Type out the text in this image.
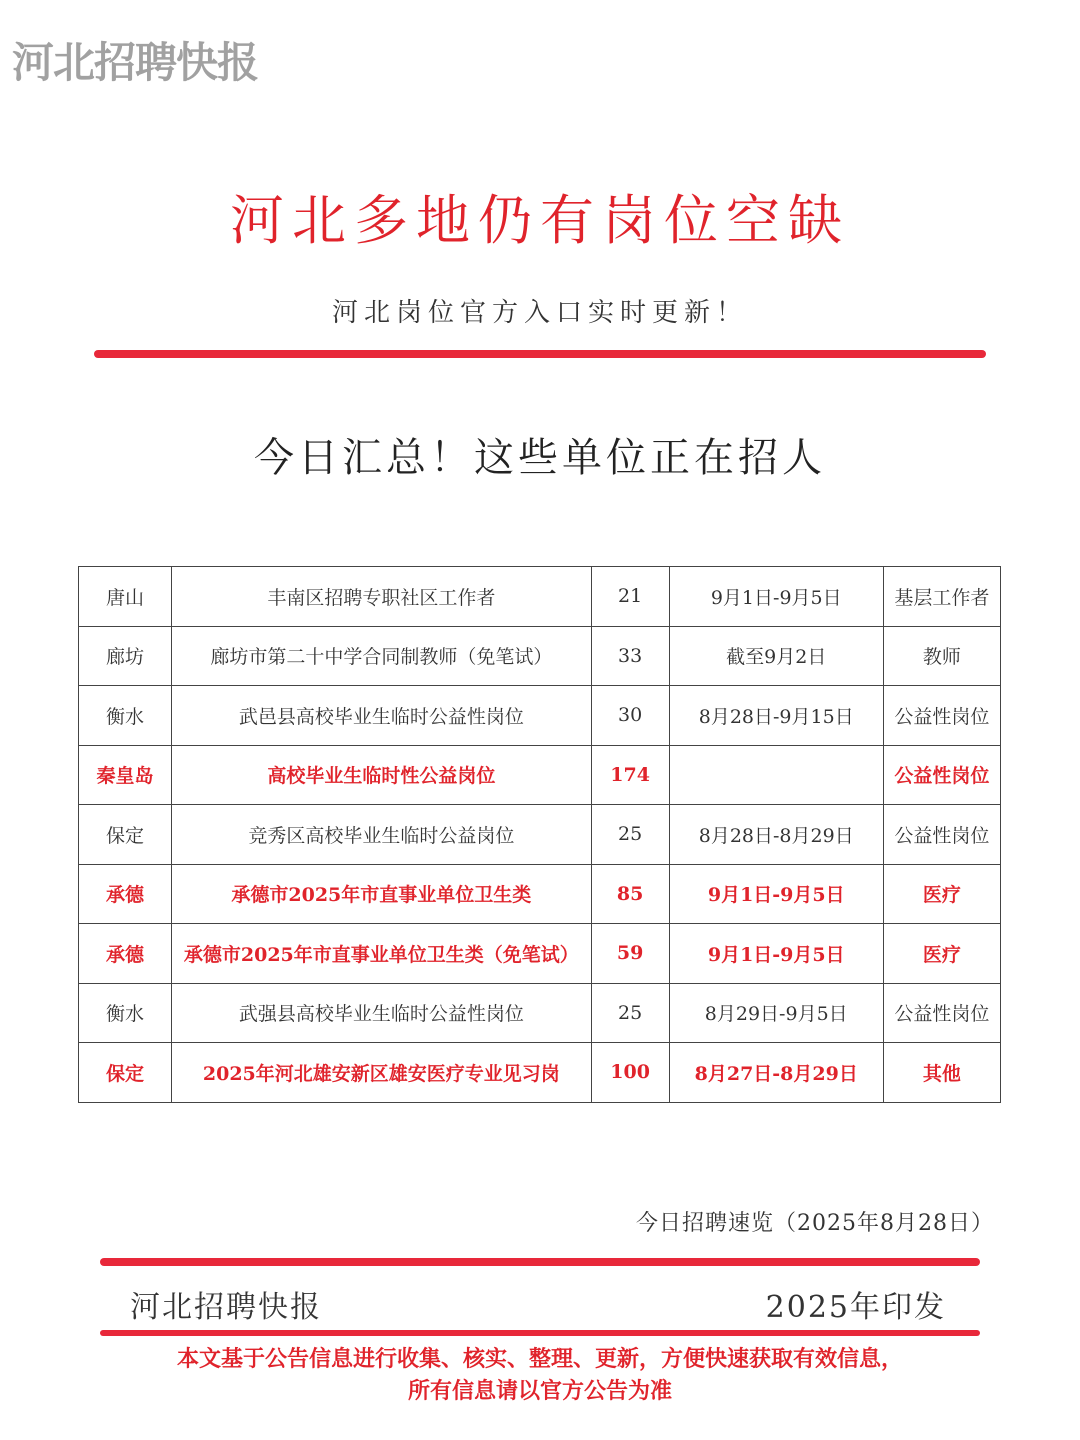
河北招聘快报
河北多地仍有岗位空缺
河北岗位官方入口实时更新！
今日汇总！这些单位正在招人
唐山	丰南区招聘专职社区工作者	21	9月1日-9月5日	基层工作者
廊坊	廊坊市第二十中学合同制教师（免笔试）	33	截至9月2日	教师
衡水	武邑县高校毕业生临时公益性岗位	30	8月28日-9月15日	公益性岗位
秦皇岛	高校毕业生临时性公益岗位	174		公益性岗位
保定	竞秀区高校毕业生临时公益岗位	25	8月28日-8月29日	公益性岗位
承德	承德市2025年市直事业单位卫生类	85	9月1日-9月5日	医疗
承德	承德市2025年市直事业单位卫生类（免笔试）	59	9月1日-9月5日	医疗
衡水	武强县高校毕业生临时公益性岗位	25	8月29日-9月5日	公益性岗位
保定	2025年河北雄安新区雄安医疗专业见习岗	100	8月27日-8月29日	其他
今日招聘速览（2025年8月28日）
河北招聘快报	2025年印发
本文基于公告信息进行收集、核实、整理、更新，方便快速获取有效信息，
所有信息请以官方公告为准
